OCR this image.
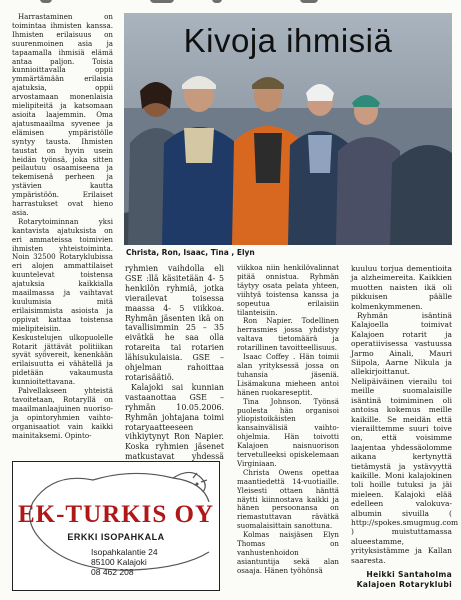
Harrastaminen on toimintaa ihmisten kanssa. Ihmisten erilaisuus on suurenmoinen asia ja tapaamalla ihmisiä elämä antaa paljon. Toisia kunnioittavalla oppii ymmärtämään erilaisia ajatuksia, oppii arvostamaan monenlaisia mielipiteitä ja katsomaan asioita laajemmin. Oma ajatusmaailma syvenee ja elämisen ympäristölle syntyy tausta. Ihmisten taustat on hyvin usein heidän työnsä, joka sitten peilautuu osaamiseena ja tekemisenä perheen ja ystävien kautta ympäristöön. Erilaiset harrastukset ovat hieno asia.

Rotarytoiminnan yksi kantavista ajatuksista on eri ammateissa toimivien ihmisten yhteistoiminta. Noin 32500 Rotaryklubissa eri alojen ammattilaiset kuuntelevat toistensa ajatuksia kaikkialla maailmassa ja vaihtavat kuulumisia mitä erilaisimmista asioista ja oppivat kattaa toistensa mielipiteisiin. Keskustelujen ulkopuolelle Rotarit jättävät politiikan syvät syövereit, kenenkään erilaisuutta ei vähätellä ja pidetään vakaumusta kunnioitettavana.

Palvellakseen yhteistä tavoitetaan, Rotaryllä on maailmanlaajuinen nuoriso- ja opintoryhmien vaihto-organisaatiot vain kaikki mainitaksemi. Opinto-

Kivoja ihmisiä
Christa, Ron, Isaac, Tina , Elyn

ryhmien vaihdolla eli GSE :llä käsitetään 4- 5 henkilön ryhmiä, jotka vierailevat toisessa maassa 4- 5 viikkoa. Ryhmän jäsenten ikä on tavallisimmin 25 – 35 eivätkä he saa olla rotareita tai rotarien lähisukulaisia. GSE – ohjelman rahoittaa rotarisäätiö.

Kalajoki sai kunnian vastaanottaa GSE – ryhmän 10.05.2006. Ryhmän johtajana toimi rotaryaatteeseen vihkiytynyt Ron Napier. Koska ryhmien jäsenet matkustavat yhdessä

viikkoa niin henkilövalinnat pitää onnistua. Ryhmän täytyy osata pelata yhteen, viihtyä toistensa kanssa ja sopeutua erilaisiin tilanteisiin.

Ron Napier. Todellinen herrasmies jossa yhdistyy valtava tietomäärä ja rotarillinen tavoitteellisuus.

Isaac Coffey . Hän toimii alan yrityksessä jossa on tuhansia jäseniä. Lisämakuna mieheen antoi hänen ruokareseptit.

Tina Johnson. Työnsä puolesta hän organisoi yliopistoikäisten kansainvälisiä vaihto-ohjelmia. Hän toivotti Kalajoen naisnuorison tervetulleeksi opiskelemaan Virginiaan.

Christa Owens opettaa maantiedettä 14-vuotiaille. Yleisesti ottaen hänttä näytti kiinnostava kaikki ja hänen persoonansa on riemastuttavan rävätkä suomalaisittain sanottuna.

Kolmas naisjäsen Elyn Thomas on vanhustenhoidon asiantuntija sekä alan osaaja. Hänen työhönsä

kuuluu torjua dementioita ja alzheimereita. Kaikkien muotten naisten ikä oli pikkuisen päälle kolmenkymmenen.

Ryhmän isäntinä Kalajoella toimivat Kalajoen rotarit ja operatiivisessa vastuussa Jarmo Ainali, Mauri Siipola, Aarne Nikula ja allekirjoittanut. Nelipäiväinen vierailu toi meille suomalaisille isäntinä toimiminen oli antoisa kokemus meille kaikille. Se meidän että vierailttemme suuri toive on, että voisimme laajentaa yhdessäolomme aikana kertynyttä tietämystä ja ystävyyttä kaikille. Moni kalajokinen toli hoille tutuksi ja jäi mieleen. Kalajoki elää edelleen valokuva-albumin sivuilla ( http://spokes.smugmug.com ) muistuttamassa alueestamme, yrityksistämme ja Kallan saaresta.

Heikki Santaholma
Kalajoen Rotaryklubi
EK-TURKIS OY
ERKKI ISOPAHKALA
Isopahkalantie 24
85100 Kalajoki
08 462 208
